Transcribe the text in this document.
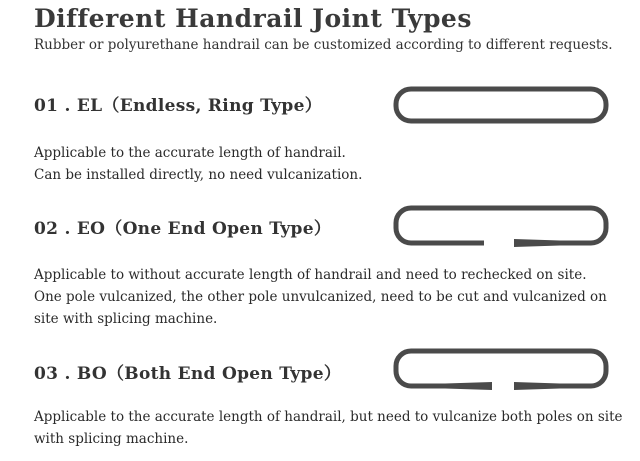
Different Handrail Joint Types
Rubber or polyurethane handrail can be customized according to different requests.
01 . EL（Endless, Ring Type）
Applicable to the accurate length of handrail.
Can be installed directly, no need vulcanization.
02 . EO（One End Open Type）
Applicable to without accurate length of handrail and need to rechecked on site.
One pole vulcanized, the other pole unvulcanized, need to be cut and vulcanized on
site with splicing machine.
03 . BO（Both End Open Type）
Applicable to the accurate length of handrail, but need to vulcanize both poles on site
with splicing machine.
